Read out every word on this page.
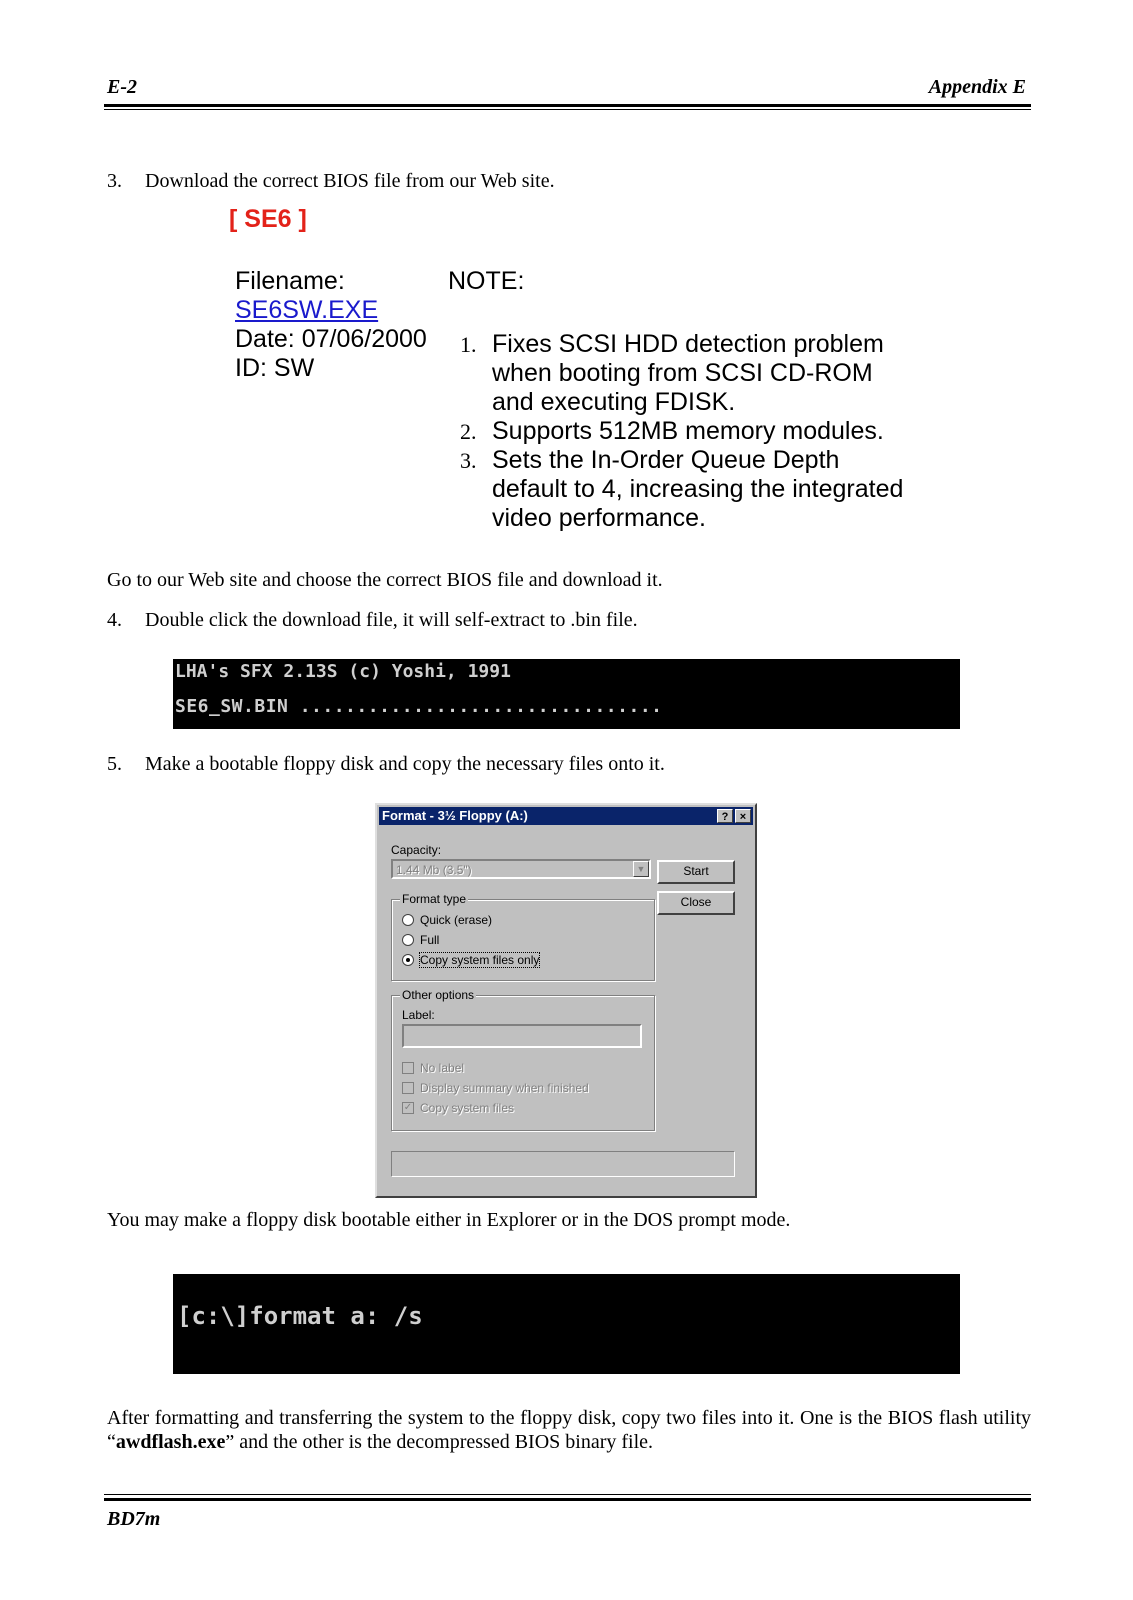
E-2	Appendix E
3. Download the correct BIOS file from our Web site.
[ SE6 ]
Filename:
SE6SW.EXE
Date: 07/06/2000
ID: SW
NOTE:
1. Fixes SCSI HDD detection problem when booting from SCSI CD-ROM and executing FDISK.
2. Supports 512MB memory modules.
3. Sets the In-Order Queue Depth default to 4, increasing the integrated video performance.
Go to our Web site and choose the correct BIOS file and download it.
4. Double click the download file, it will self-extract to .bin file.
LHA's SFX 2.13S (c) Yoshi, 1991
SE6_SW.BIN ................................
5. Make a bootable floppy disk and copy the necessary files onto it.
Format - 3½ Floppy (A:)	?	×
Capacity:
1.44 Mb (3.5")	▼	Start
Close
Format type
Quick (erase)
Full
Copy system files only
Other options
Label:
No label
Display summary when finished
✓ Copy system files
You may make a floppy disk bootable either in Explorer or in the DOS prompt mode.
[c:\]format a: /s
After formatting and transferring the system to the floppy disk, copy two files into it. One is the BIOS flash utility “awdflash.exe” and the other is the decompressed BIOS binary file.
BD7m
